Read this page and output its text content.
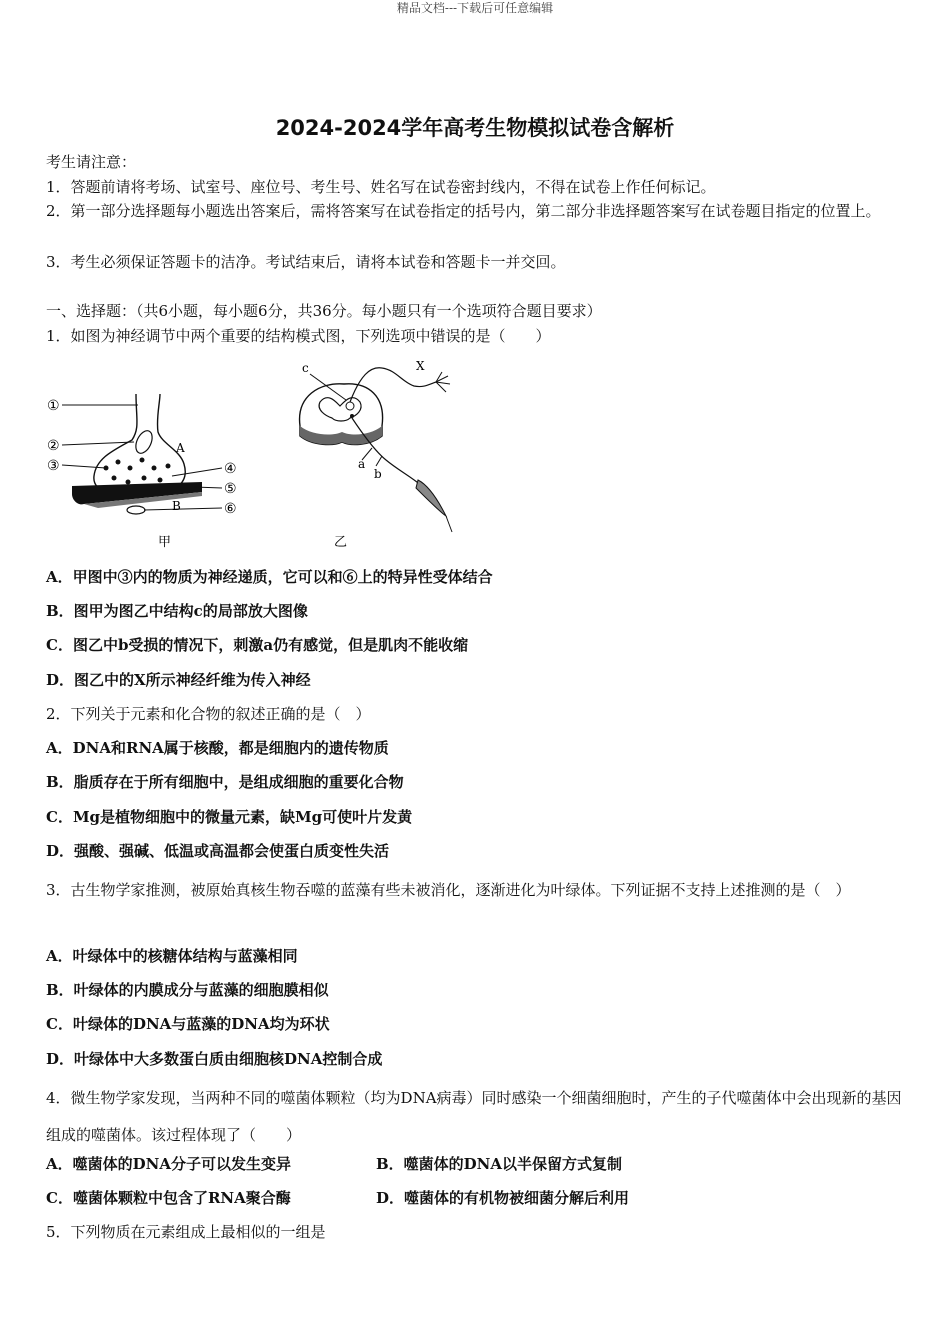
精品文档---下载后可任意编辑
2024-2024学年高考生物模拟试卷含解析
考生请注意：
1．答题前请将考场、试室号、座位号、考生号、姓名写在试卷密封线内，不得在试卷上作任何标记。
2．第一部分选择题每小题选出答案后，需将答案写在试卷指定的括号内，第二部分非选择题答案写在试卷题目指定的位置上。
3．考生必须保证答题卡的洁净。考试结束后，请将本试卷和答题卡一并交回。
一、选择题：（共6小题，每小题6分，共36分。每小题只有一个选项符合题目要求）
1．如图为神经调节中两个重要的结构模式图，下列选项中错误的是（　　）
①
②
③	④
⑤
⑥
A
B
甲
c	X
a
b
乙
A．甲图中③内的物质为神经递质，它可以和⑥上的特异性受体结合
B．图甲为图乙中结构c的局部放大图像
C．图乙中b受损的情况下，刺激a仍有感觉，但是肌肉不能收缩
D．图乙中的X所示神经纤维为传入神经
2．下列关于元素和化合物的叙述正确的是（　）
A．DNA和RNA属于核酸，都是细胞内的遗传物质
B．脂质存在于所有细胞中，是组成细胞的重要化合物
C．Mg是植物细胞中的微量元素，缺Mg可使叶片发黄
D．强酸、强碱、低温或高温都会使蛋白质变性失活
3．古生物学家推测，被原始真核生物吞噬的蓝藻有些未被消化，逐渐进化为叶绿体。下列证据不支持上述推测的是（　）
A．叶绿体中的核糖体结构与蓝藻相同
B．叶绿体的内膜成分与蓝藻的细胞膜相似
C．叶绿体的DNA与蓝藻的DNA均为环状
D．叶绿体中大多数蛋白质由细胞核DNA控制合成
4．微生物学家发现，当两种不同的噬菌体颗粒（均为DNA病毒）同时感染一个细菌细胞时，产生的子代噬菌体中会出现新的基因组成的噬菌体。该过程体现了（　　）
A．噬菌体的DNA分子可以发生变异	B．噬菌体的DNA以半保留方式复制
C．噬菌体颗粒中包含了RNA聚合酶	D．噬菌体的有机物被细菌分解后利用
5．下列物质在元素组成上最相似的一组是
